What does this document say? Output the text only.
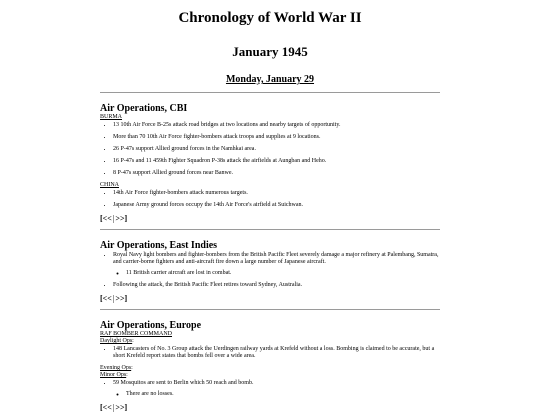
Chronology of World War II
January 1945
Monday, January 29
Air Operations, CBI
BURMA
• 13 10th Air Force B-25s attack road bridges at two locations and nearby targets of opportunity.
• More than 70 10th Air Force fighter-bombers attack troops and supplies at 9 locations.
• 26 P-47s support Allied ground forces in the Namhkai area.
• 16 P-47s and 11 459th Fighter Squadron P-38s attack the airfields at Aungban and Heho.
• 8 P-47s support Allied ground forces near Banwe.
CHINA
• 14th Air Force fighter-bombers attack numerous targets.
• Japanese Army ground forces occupy the 14th Air Force's airfield at Suichwan.
[<<|>>]
Air Operations, East Indies
• Royal Navy light bombers and fighter-bombers from the British Pacific Fleet severely damage a major refinery at Palembang, Sumatra, and carrier-borne fighters and anti-aircraft fire down a large number of Japanese aircraft.
◦ 11 British carrier aircraft are lost in combat.
• Following the attack, the British Pacific Fleet retires toward Sydney, Australia.
[<<|>>]
Air Operations, Europe
RAF BOMBER COMMAND
Daylight Ops:
• 148 Lancasters of No. 3 Group attack the Uerdingen railway yards at Krefeld without a loss. Bombing is claimed to be accurate, but a short Krefeld report states that bombs fell over a wide area.
Evening Ops:
Minor Ops:
• 59 Mosquitos are sent to Berlin which 50 reach and bomb.
◦ There are no losses.
[<<|>>]
